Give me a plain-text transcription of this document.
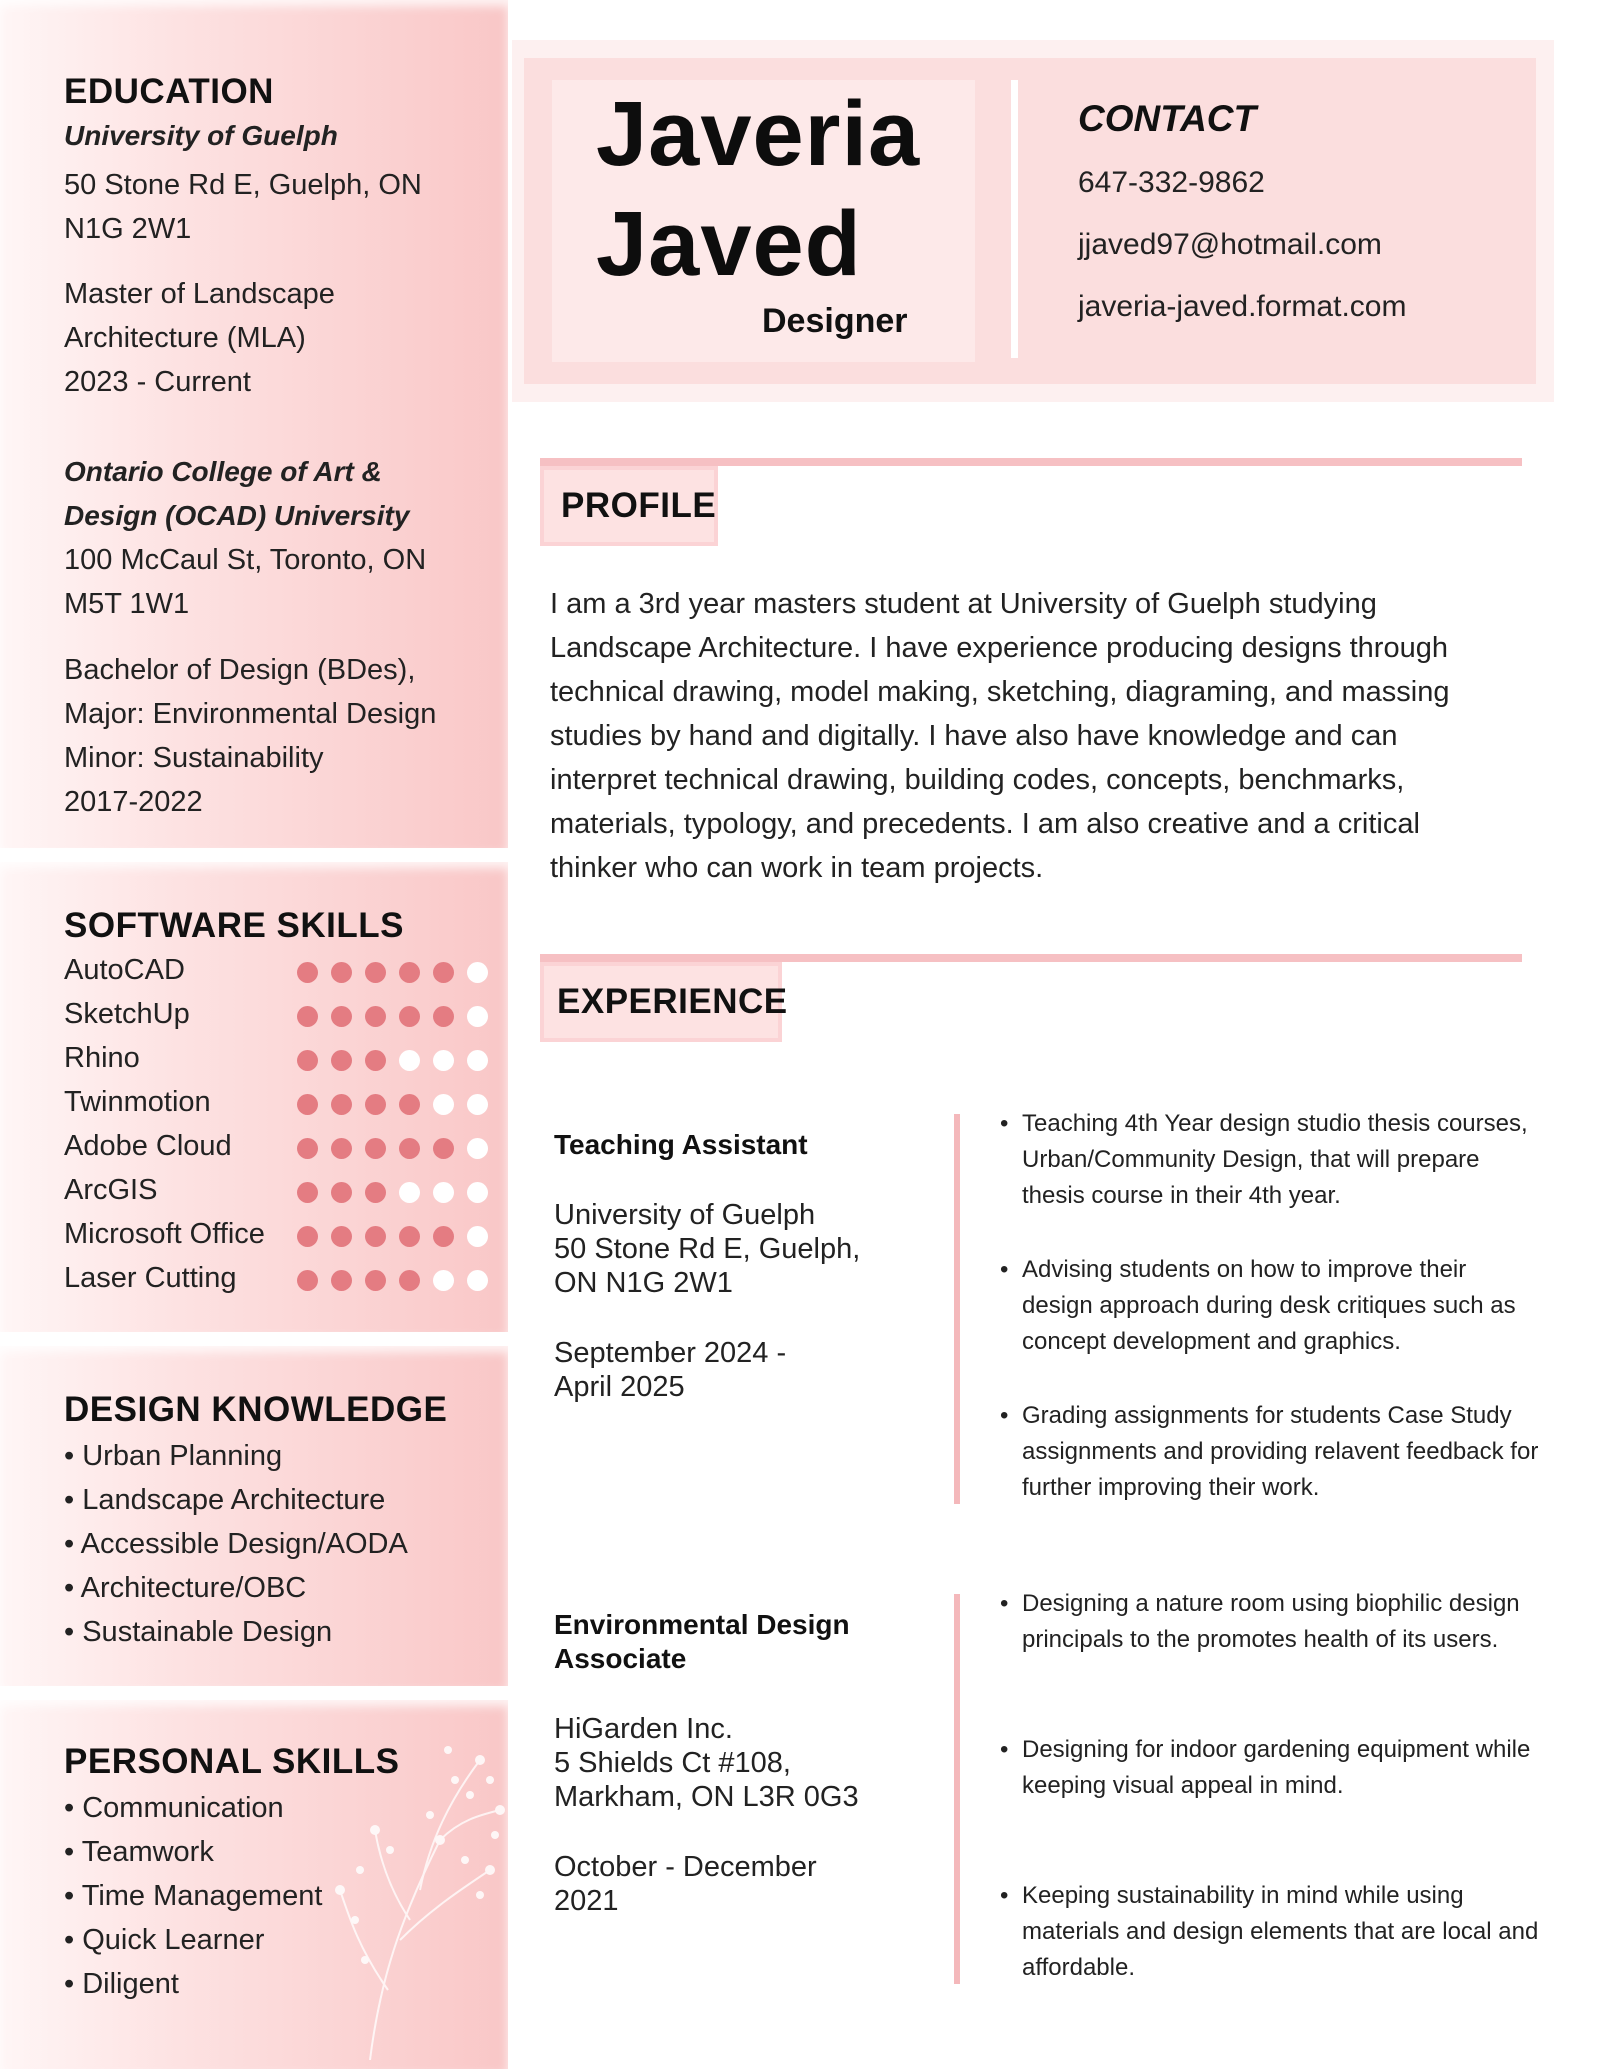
EDUCATION
University of Guelph
50 Stone Rd E, Guelph, ON
N1G 2W1
Master of Landscape
Architecture (MLA)
2023 - Current
Ontario College of Art &
Design (OCAD) University
100 McCaul St, Toronto, ON
M5T 1W1
Bachelor of Design (BDes),
Major: Environmental Design
Minor: Sustainability
2017-2022
SOFTWARE SKILLS
AutoCAD
SketchUp
Rhino
Twinmotion
Adobe Cloud
ArcGIS
Microsoft Office
Laser Cutting
DESIGN KNOWLEDGE
• Urban Planning
• Landscape Architecture
• Accessible Design/AODA
• Architecture/OBC
• Sustainable Design
PERSONAL SKILLS
• Communication
• Teamwork
• Time Management
• Quick Learner
• Diligent
Javeria
Javed
Designer
CONTACT
647-332-9862
jjaved97@hotmail.com
javeria-javed.format.com
PROFILE
I am a 3rd year masters student at University of Guelph studying Landscape Architecture. I have experience producing designs through technical drawing, model making, sketching, diagraming, and massing studies by hand and digitally. I have also have knowledge and can interpret technical drawing, building codes, concepts, benchmarks, materials, typology, and precedents. I am also creative and a critical thinker who can work in team projects.
EXPERIENCE
Teaching Assistant
University of Guelph
50 Stone Rd E, Guelph,
ON N1G 2W1
September 2024 -
April 2025
• Teaching 4th Year design studio thesis courses, Urban/Community Design, that will prepare thesis course in their 4th year.
• Advising students on how to improve their design approach during desk critiques such as concept development and graphics.
• Grading assignments for students Case Study assignments and providing relavent feedback for further improving their work.
Environmental Design
Associate
HiGarden Inc.
5 Shields Ct #108,
Markham, ON L3R 0G3
October - December
2021
• Designing a nature room using biophilic design principals to the promotes health of its users.
• Designing for indoor gardening equipment while keeping visual appeal in mind.
• Keeping sustainability in mind while using materials and design elements that are local and affordable.
